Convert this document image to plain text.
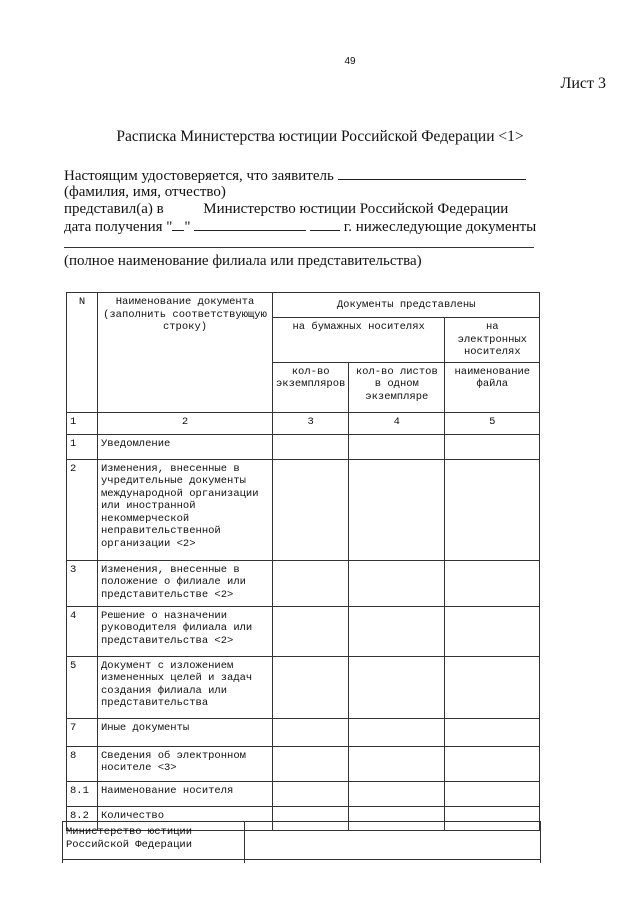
49
Лист 3
Расписка Министерства юстиции Российской Федерации <1>
Настоящим удостоверяется, что заявитель
(фамилия, имя, отчество)
представил(а) в	Министерство юстиции Российской Федерации
дата получения " "	г. нижеследующие документы
(полное наименование филиала или представительства)
N	Наименование документа (заполнить соответствующую строку)	Документы представлены		
		на бумажных носителях		на электронных носителях
		кол-во экземпляров	кол-во листов в одном экземпляре	наименование файла
1	2	3	4	5
1	Уведомление			
2	Изменения, внесенные в учредительные документы международной организации или иностранной некоммерческой неправительственной организации <2>			
3	Изменения, внесенные в положение о филиале или представительстве <2>			
4	Решение о назначении руководителя филиала или представительства <2>			
5	Документ с изложением измененных целей и задач создания филиала или представительства			
7	Иные документы			
8	Сведения об электронном носителе <3>			
8.1	Наименование носителя			
8.2	Количество			
Министерство юстиции Российской Федерации	
